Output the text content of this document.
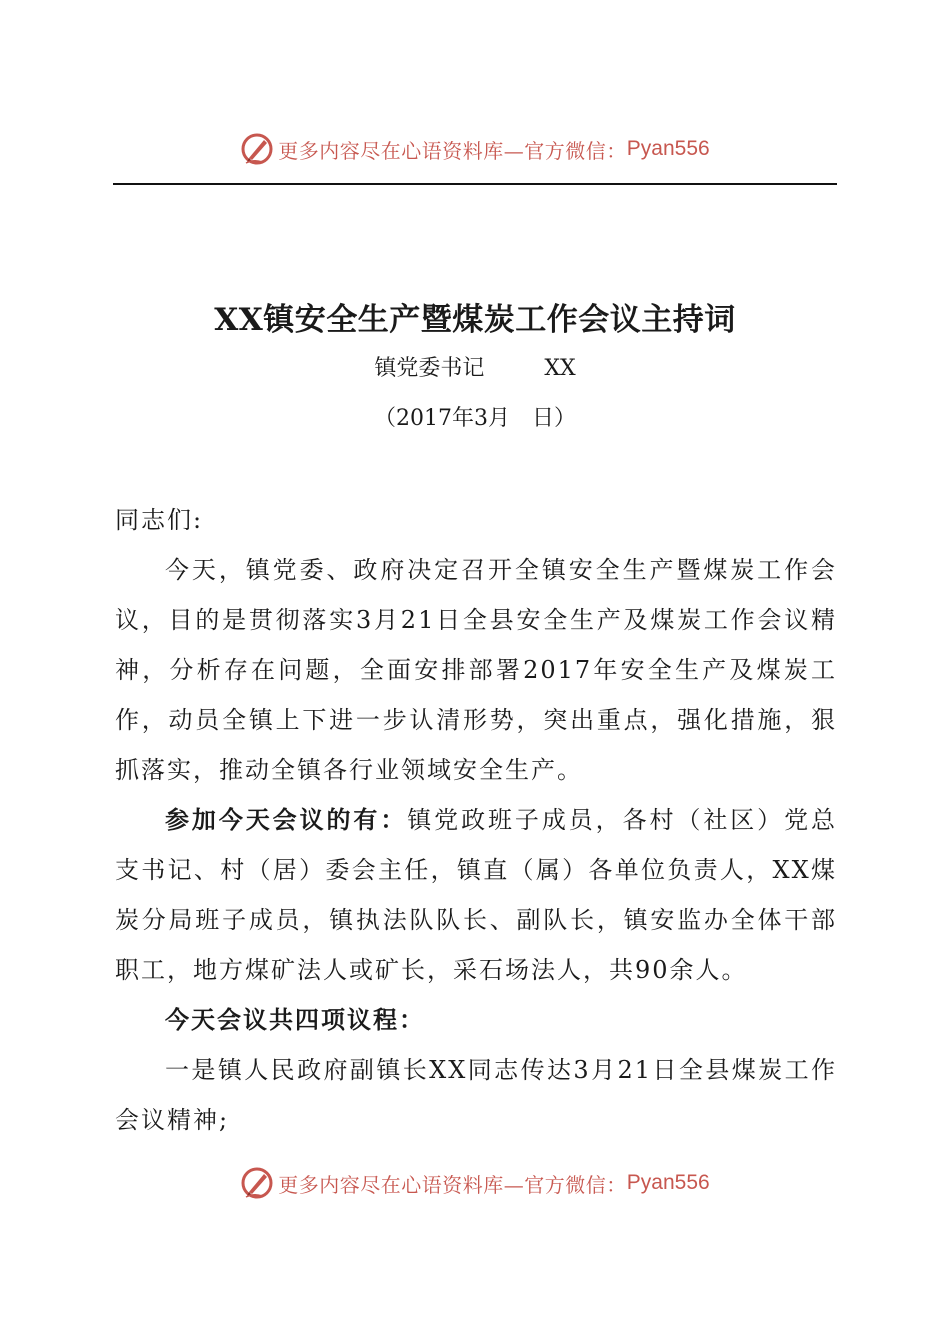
更多内容尽在心语资料库—官方微信： Pyan556
XX镇安全生产暨煤炭工作会议主持词
镇党委书记	XX
（2017年3月　日）

同志们:

今天，镇党委、政府决定召开全镇安全生产暨煤炭工作会议，目的是贯彻落实3月21日全县安全生产及煤炭工作会议精神，分析存在问题，全面安排部署2017年安全生产及煤炭工作，动员全镇上下进一步认清形势，突出重点，强化措施，狠抓落实，推动全镇各行业领域安全生产。

参加今天会议的有：镇党政班子成员，各村（社区）党总支书记、村（居）委会主任，镇直（属）各单位负责人，XX煤炭分局班子成员，镇执法队队长、副队长，镇安监办全体干部职工，地方煤矿法人或矿长，采石场法人，共90余人。

今天会议共四项议程：

一是镇人民政府副镇长XX同志传达3月21日全县煤炭工作会议精神;

更多内容尽在心语资料库—官方微信： Pyan556
